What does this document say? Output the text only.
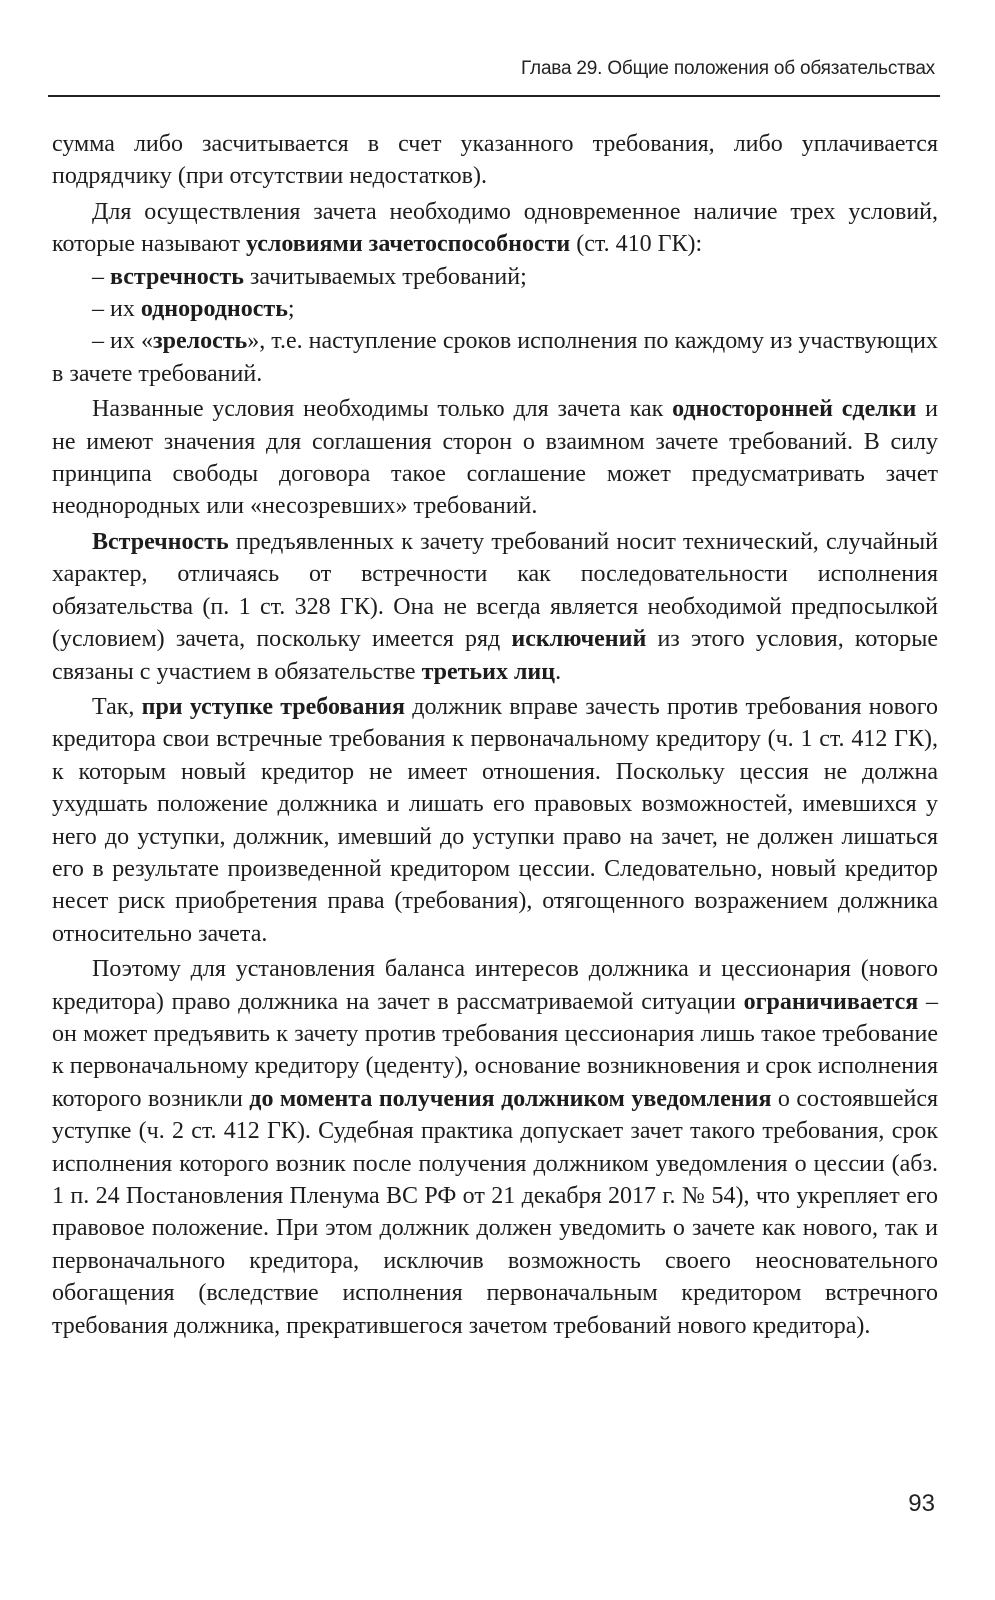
Глава 29. Общие положения об обязательствах

сумма либо засчитывается в счет указанного требования, либо уплачивается подрядчику (при отсутствии недостатков).

Для осуществления зачета необходимо одновременное наличие трех условий, которые называют условиями зачетоспособности (ст. 410 ГК):

– встречность зачитываемых требований;

– их однородность;

– их «зрелость», т.е. наступление сроков исполнения по каждому из участвующих в зачете требований.

Названные условия необходимы только для зачета как односторонней сделки и не имеют значения для соглашения сторон о взаимном зачете требований. В силу принципа свободы договора такое соглашение может предусматривать зачет неоднородных или «несозревших» требований.

Встречность предъявленных к зачету требований носит технический, случайный характер, отличаясь от встречности как последовательности исполнения обязательства (п. 1 ст. 328 ГК). Она не всегда является необходимой предпосылкой (условием) зачета, поскольку имеется ряд исключений из этого условия, которые связаны с участием в обязательстве третьих лиц.

Так, при уступке требования должник вправе зачесть против требования нового кредитора свои встречные требования к первоначальному кредитору (ч. 1 ст. 412 ГК), к которым новый кредитор не имеет отношения. Поскольку цессия не должна ухудшать положение должника и лишать его правовых возможностей, имевшихся у него до уступки, должник, имевший до уступки право на зачет, не должен лишаться его в результате произведенной кредитором цессии. Следовательно, новый кредитор несет риск приобретения права (требования), отягощенного возражением должника относительно зачета.

Поэтому для установления баланса интересов должника и цессионария (нового кредитора) право должника на зачет в рассматриваемой ситуации ограничивается – он может предъявить к зачету против требования цессионария лишь такое требование к первоначальному кредитору (цеденту), основание возникновения и срок исполнения которого возникли до момента получения должником уведомления о состоявшейся уступке (ч. 2 ст. 412 ГК). Судебная практика допускает зачет такого требования, срок исполнения которого возник после получения должником уведомления о цессии (абз. 1 п. 24 Постановления Пленума ВС РФ от 21 декабря 2017 г. № 54), что укрепляет его правовое положение. При этом должник должен уведомить о зачете как нового, так и первоначального кредитора, исключив возможность своего неосновательного обогащения (вследствие исполнения первоначальным кредитором встречного требования должника, прекратившегося зачетом требований нового кредитора).

93
